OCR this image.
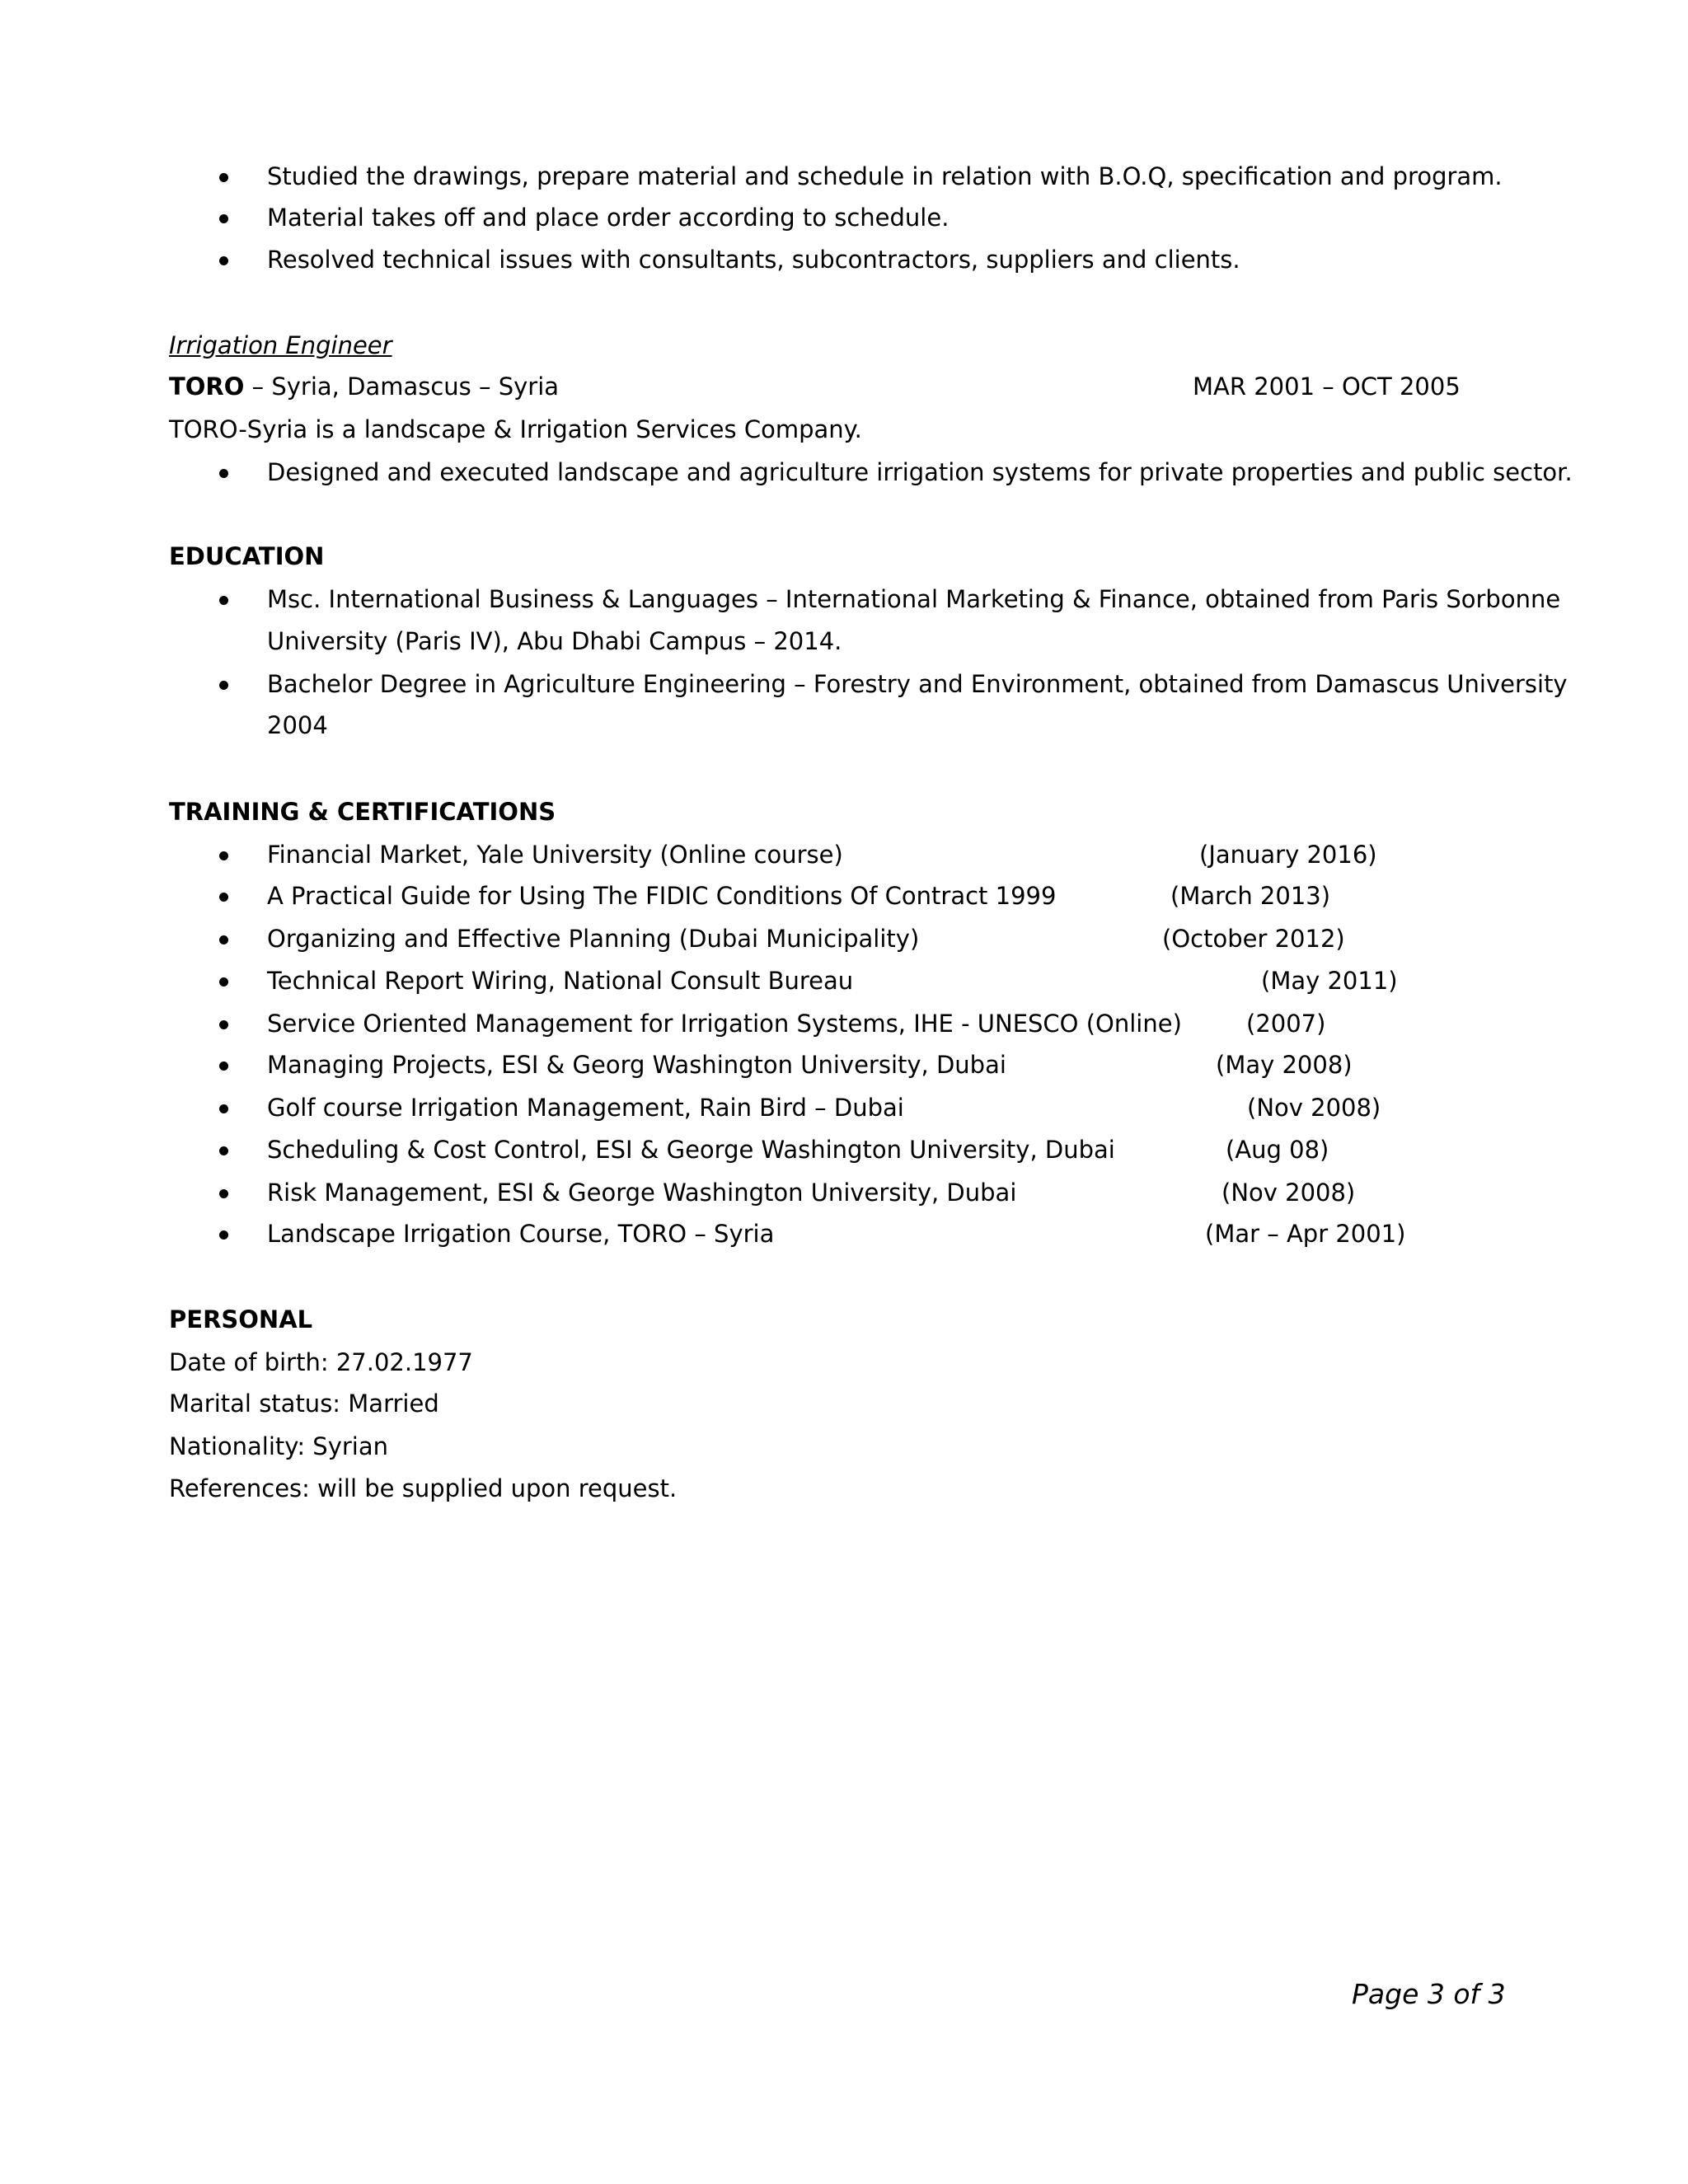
Studied the drawings, prepare material and schedule in relation with B.O.Q, specification and program.
Material takes off and place order according to schedule.
Resolved technical issues with consultants, subcontractors, suppliers and clients.
Irrigation Engineer
TORO – Syria, Damascus – Syria	MAR 2001 – OCT 2005
TORO-Syria is a landscape & Irrigation Services Company.
Designed and executed landscape and agriculture irrigation systems for private properties and public sector.
EDUCATION
Msc. International Business & Languages – International Marketing & Finance, obtained from Paris Sorbonne
University (Paris IV), Abu Dhabi Campus – 2014.
Bachelor Degree in Agriculture Engineering – Forestry and Environment, obtained from Damascus University
2004
TRAINING & CERTIFICATIONS
Financial Market, Yale University (Online course)	(January 2016)
A Practical Guide for Using The FIDIC Conditions Of Contract 1999	(March 2013)
Organizing and Effective Planning (Dubai Municipality)	(October 2012)
Technical Report Wiring, National Consult Bureau	(May 2011)
Service Oriented Management for Irrigation Systems, IHE - UNESCO (Online)	(2007)
Managing Projects, ESI & Georg Washington University, Dubai	(May 2008)
Golf course Irrigation Management, Rain Bird – Dubai	(Nov 2008)
Scheduling & Cost Control, ESI & George Washington University, Dubai	(Aug 08)
Risk Management, ESI & George Washington University, Dubai	(Nov 2008)
Landscape Irrigation Course, TORO – Syria	(Mar – Apr 2001)
PERSONAL
Date of birth: 27.02.1977
Marital status: Married
Nationality: Syrian
References: will be supplied upon request.
Page 3 of 3
